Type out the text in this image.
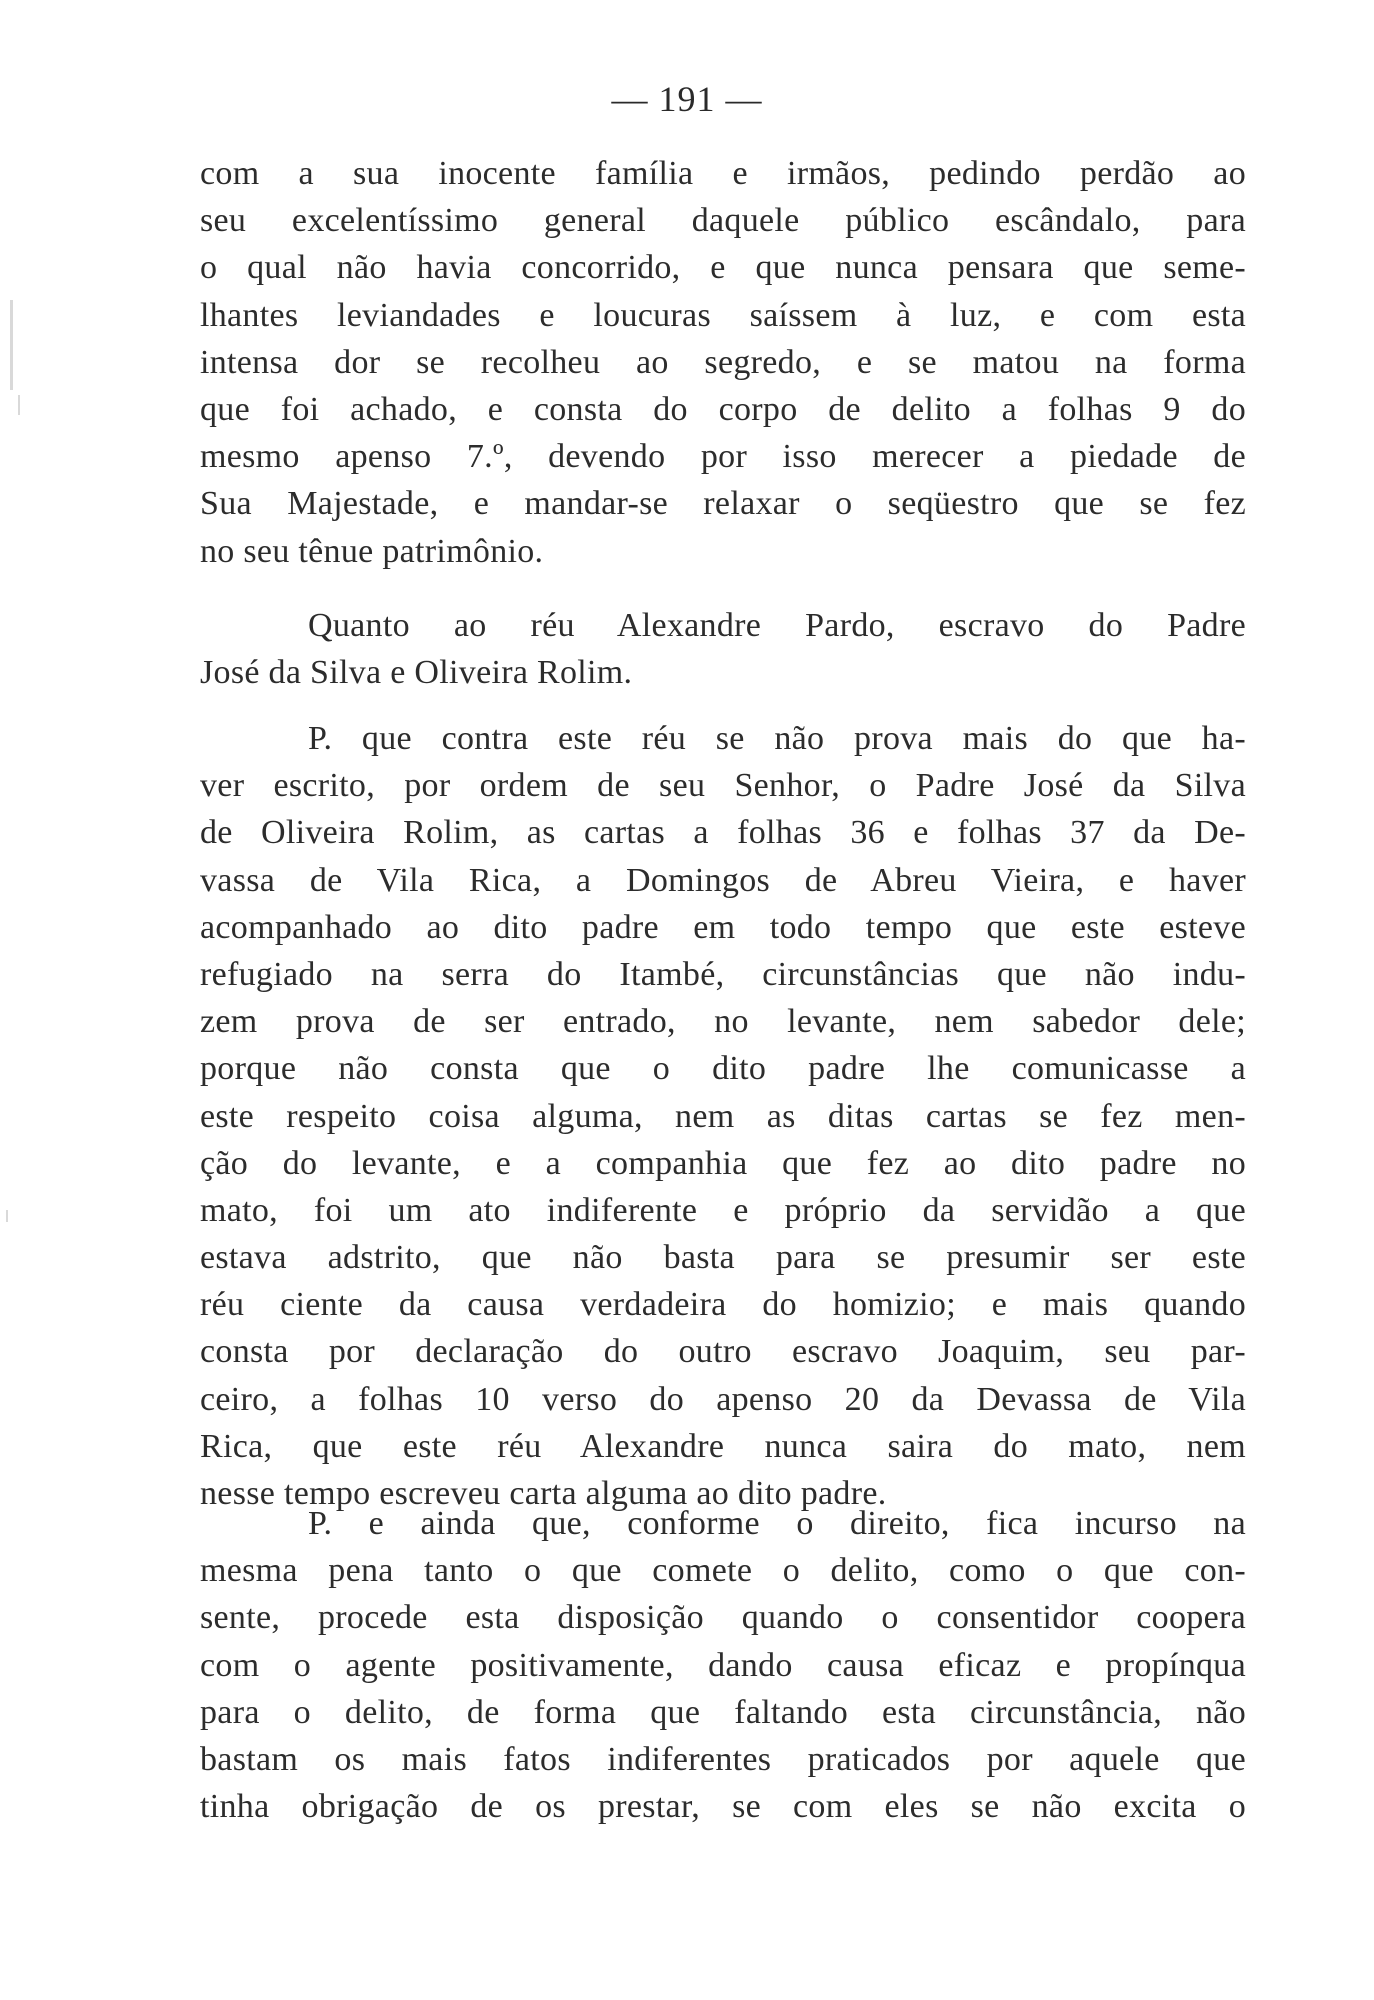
— 191 —
com a sua inocente família e irmãos, pedindo perdão ao
seu excelentíssimo general daquele público escândalo, para
o qual não havia concorrido, e que nunca pensara que seme-
lhantes leviandades e loucuras saíssem à luz, e com esta
intensa dor se recolheu ao segredo, e se matou na forma
que foi achado, e consta do corpo de delito a folhas 9 do
mesmo apenso 7.º, devendo por isso merecer a piedade de
Sua Majestade, e mandar-se relaxar o seqüestro que se fez
no seu tênue patrimônio.
Quanto ao réu Alexandre Pardo, escravo do Padre
José da Silva e Oliveira Rolim.
P. que contra este réu se não prova mais do que ha-
ver escrito, por ordem de seu Senhor, o Padre José da Silva
de Oliveira Rolim, as cartas a folhas 36 e folhas 37 da De-
vassa de Vila Rica, a Domingos de Abreu Vieira, e haver
acompanhado ao dito padre em todo tempo que este esteve
refugiado na serra do Itambé, circunstâncias que não indu-
zem prova de ser entrado, no levante, nem sabedor dele;
porque não consta que o dito padre lhe comunicasse a
este respeito coisa alguma, nem as ditas cartas se fez men-
ção do levante, e a companhia que fez ao dito padre no
mato, foi um ato indiferente e próprio da servidão a que
estava adstrito, que não basta para se presumir ser este
réu ciente da causa verdadeira do homizio; e mais quando
consta por declaração do outro escravo Joaquim, seu par-
ceiro, a folhas 10 verso do apenso 20 da Devassa de Vila
Rica, que este réu Alexandre nunca saira do mato, nem
nesse tempo escreveu carta alguma ao dito padre.
P. e ainda que, conforme o direito, fica incurso na
mesma pena tanto o que comete o delito, como o que con-
sente, procede esta disposição quando o consentidor coopera
com o agente positivamente, dando causa eficaz e propínqua
para o delito, de forma que faltando esta circunstância, não
bastam os mais fatos indiferentes praticados por aquele que
tinha obrigação de os prestar, se com eles se não excita o
